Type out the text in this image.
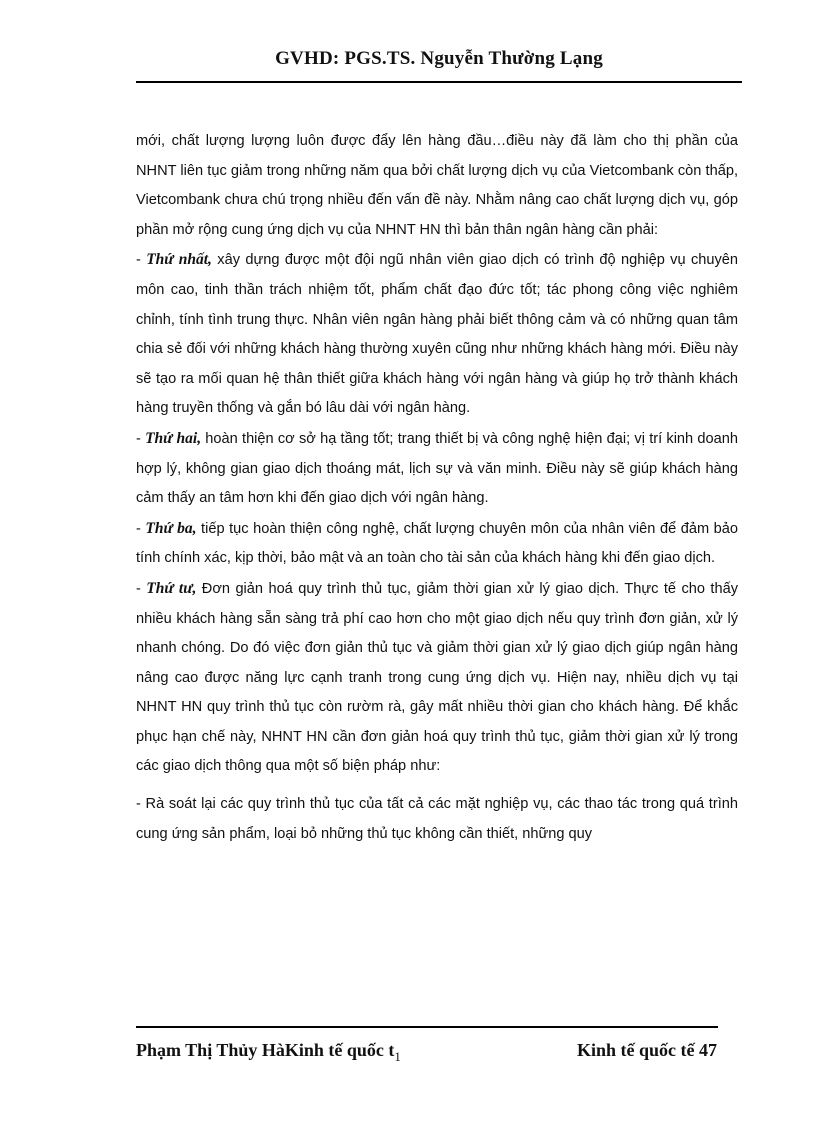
GVHD: PGS.TS. Nguyễn Thường Lạng

mới, chất lượng lượng luôn được đẩy lên hàng đầu…điều này đã làm cho thị phần của NHNT liên tục giảm trong những năm qua bởi chất lượng dịch vụ của Vietcombank còn thấp, Vietcombank chưa chú trọng nhiều đến vấn đề này. Nhằm nâng cao chất lượng dịch vụ, góp phần mở rộng cung ứng dịch vụ của NHNT HN thì bản thân ngân hàng cần phải:

- Thứ nhất, xây dựng được một đội ngũ nhân viên giao dịch có trình độ nghiệp vụ chuyên môn cao, tinh thần trách nhiệm tốt, phẩm chất đạo đức tốt; tác phong công việc nghiêm chỉnh, tính tình trung thực. Nhân viên ngân hàng phải biết thông cảm và có những quan tâm chia sẻ đối với những khách hàng thường xuyên cũng như những khách hàng mới. Điều này sẽ tạo ra mối quan hệ thân thiết giữa khách hàng với ngân hàng và giúp họ trở thành khách hàng truyền thống và gắn bó lâu dài với ngân hàng.

- Thứ hai, hoàn thiện cơ sở hạ tầng tốt; trang thiết bị và công nghệ hiện đại; vị trí kinh doanh hợp lý, không gian giao dịch thoáng mát, lịch sự và văn minh. Điều này sẽ giúp khách hàng cảm thấy an tâm hơn khi đến giao dịch với ngân hàng.

- Thứ ba, tiếp tục hoàn thiện công nghệ, chất lượng chuyên môn của nhân viên để đảm bảo tính chính xác, kịp thời, bảo mật và an toàn cho tài sản của khách hàng khi đến giao dịch.

- Thứ tư, Đơn giản hoá quy trình thủ tục, giảm thời gian xử lý giao dịch. Thực tế cho thấy nhiều khách hàng sẵn sàng trả phí cao hơn cho một giao dịch nếu quy trình đơn giản, xử lý nhanh chóng. Do đó việc đơn giản thủ tục và giảm thời gian xử lý giao dịch giúp ngân hàng nâng cao được năng lực cạnh tranh trong cung ứng dịch vụ. Hiện nay, nhiều dịch vụ tại NHNT HN quy trình thủ tục còn rườm rà, gây mất nhiều thời gian cho khách hàng. Để khắc phục hạn chế này, NHNT HN cần đơn giản hoá quy trình thủ tục, giảm thời gian xử lý trong các giao dịch thông qua một số biện pháp như:

- Rà soát lại các quy trình thủ tục của tất cả các mặt nghiệp vụ, các thao tác trong quá trình cung ứng sản phẩm, loại bỏ những thủ tục không cần thiết, những quy

Phạm Thị Thủy HàKinh tế quốc $t_1$	Kinh tế quốc tế 47
